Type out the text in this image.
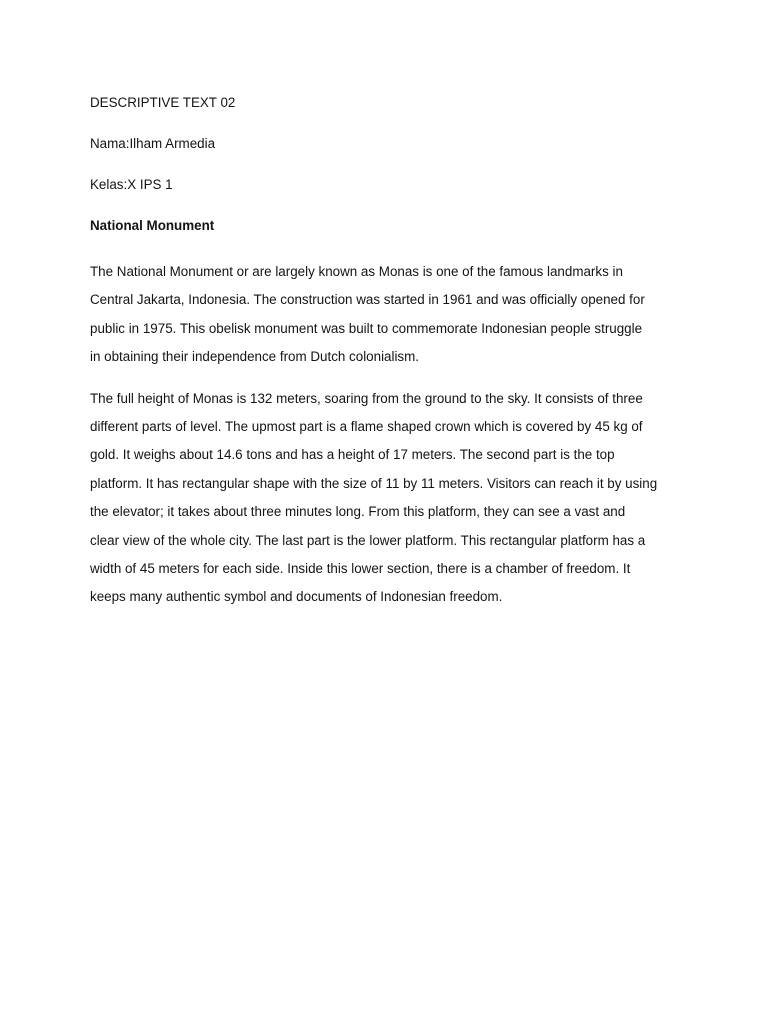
DESCRIPTIVE TEXT 02

Nama:Ilham Armedia

Kelas:X IPS 1

National Monument

The National Monument or are largely known as Monas is one of the famous landmarks in
Central Jakarta, Indonesia. The construction was started in 1961 and was officially opened for
public in 1975. This obelisk monument was built to commemorate Indonesian people struggle
in obtaining their independence from Dutch colonialism.

The full height of Monas is 132 meters, soaring from the ground to the sky. It consists of three
different parts of level. The upmost part is a flame shaped crown which is covered by 45 kg of
gold. It weighs about 14.6 tons and has a height of 17 meters. The second part is the top
platform. It has rectangular shape with the size of 11 by 11 meters. Visitors can reach it by using
the elevator; it takes about three minutes long. From this platform, they can see a vast and
clear view of the whole city. The last part is the lower platform. This rectangular platform has a
width of 45 meters for each side. Inside this lower section, there is a chamber of freedom. It
keeps many authentic symbol and documents of Indonesian freedom.
